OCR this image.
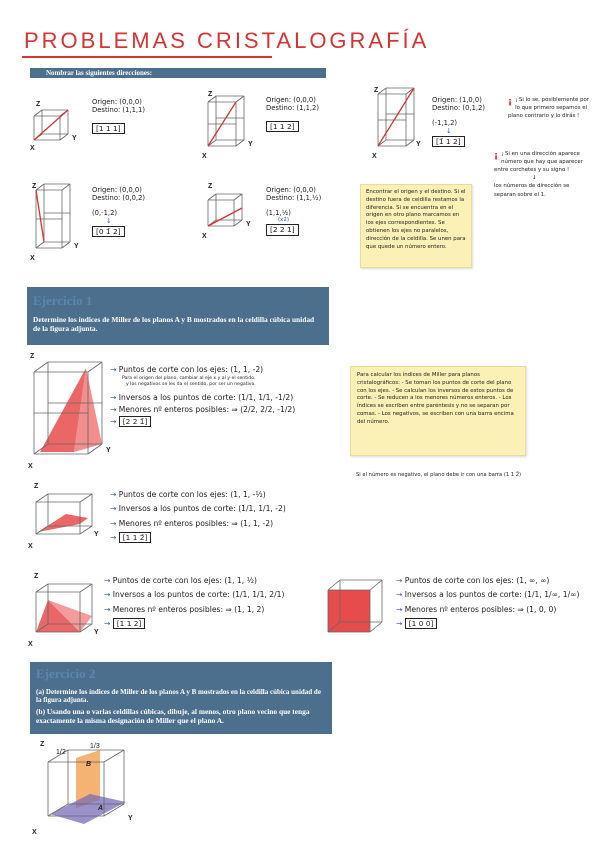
PROBLEMAS CRISTALOGRAFÍA
Nombrar las siguientes direcciones:
Z
X
Y
Origen: (0,0,0)
Destino: (1,1,1)
[1 1 1]
Z
X
Y
Origen: (0,0,0)
Destino: (1,1,2)
[1 1 2]
Z
X
Y
Origen: (1,0,0)
Destino: (0,1,2)
(-1,1,2)
↓
[1̄ 1 2]
¡ ¡ Si lo se, posiblemente por lo que primero sepamos el plano contrario y lo dirás !
¡ ¡ Si en una dirección aparece número que hay que aparecer entre corchetes y su signo !
↓
los números de dirección se separan sobre el 1.
Z
X
Y
Origen: (0,0,0)
Destino: (0,0,2)
(0,-1,2)
↓
[0 1̄ 2]
Z
X
Y
Origen: (0,0,0)
Destino: (1,1,½)
(1,1,½)
(x2)
[2 2 1]
Encontrar el origen y el destino. Si el destino fuera de celdilla restamos la diferencia. Si se encuentra en el origen en otro plano marcamos en los ejes correspondientes. Se obtienen los ejes no paralelos, dirección de la celdilla. Se unen para que quede un número entero.
Ejercicio 1
Determine los índices de Miller de los planos A y B mostrados en la celdilla cúbica unidad de la figura adjunta.
Z
X
Y
→ Puntos de corte con los ejes: (1, 1, -2)
Para el origen del plano, cambiar al eje x y al y el sentido.
y los negativos se les da el sentido, por ser un negativo.
→ Inversos a los puntos de corte: (1/1, 1/1, -1/2)
→ Menores nº enteros posibles: ⇒ (2/2, 2/2, -1/2)
→ [2 2 1̄]
Para calcular los índices de Miller para planos cristalográficos: - Se toman los puntos de corte del plano con los ejes. - Se calculan los inversos de estos puntos de corte. - Se reducen a los menores números enteros. - Los índices se escriben entre paréntesis y no se separan por comas. - Los negativos, se escriben con una barra encima del número.
Si el número es negativo, el plano debe ir con una barra (1 1 2̄)
Z
X
Y
→ Puntos de corte con los ejes: (1, 1, -½)
→ Inversos a los puntos de corte: (1/1, 1/1, -2)
→ Menores nº enteros posibles: ⇒ (1, 1, -2)
→ [1 1 2̄]
Z
X
Y
→ Puntos de corte con los ejes: (1, 1, ½)
→ Inversos a los puntos de corte: (1/1, 1/1, 2/1)
→ Menores nº enteros posibles: ⇒ (1, 1, 2)
→ [1 1 2]
→ Puntos de corte con los ejes: (1, ∞, ∞)
→ Inversos a los puntos de corte: (1/1, 1/∞, 1/∞)
→ Menores nº enteros posibles: ⇒ (1, 0, 0)
→ [1 0 0]
Ejercicio 2
(a) Determine los índices de Miller de los planos A y B mostrados en la celdilla cúbica unidad de la figura adjunta.
(b) Usando una o varias celdillas cúbicas, dibuje, al menos, otro plano vecino que tenga exactamente la misma designación de Miller que el plano A.
1/2
1/3
B
A
Z
X
Y
